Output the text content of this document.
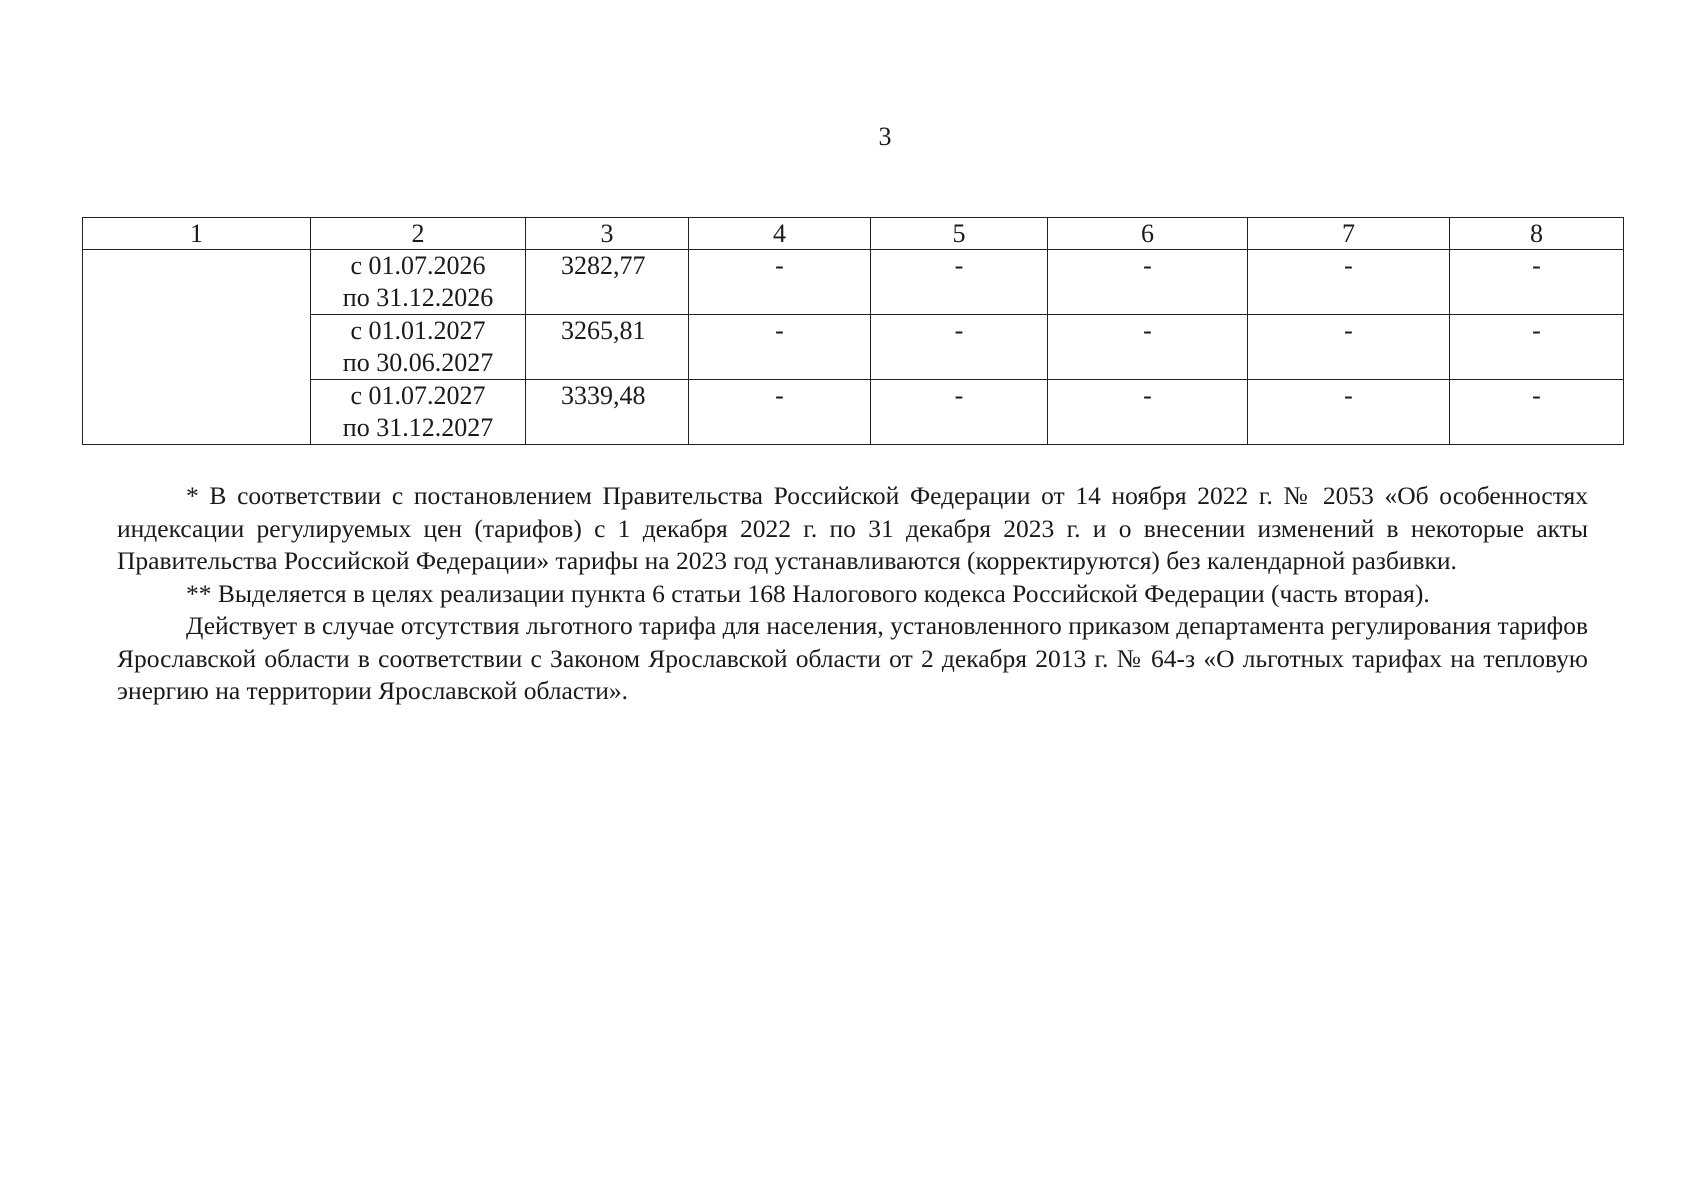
3
1	2	3	4	5	6	7	8

	с 01.07.2026
по 31.12.2026	3282,77	-	-	-	-	-

	с 01.01.2027
по 30.06.2027	3265,81	-	-	-	-	-

	с 01.07.2027
по 31.12.2027	3339,48	-	-	-	-	-

* В соответствии с постановлением Правительства Российской Федерации от 14 ноября 2022 г. № 2053 «Об особенностях индексации регулируемых цен (тарифов) с 1 декабря 2022 г. по 31 декабря 2023 г. и о внесении изменений в некоторые акты Правительства Российской Федерации» тарифы на 2023 год устанавливаются (корректируются) без календарной разбивки.

** Выделяется в целях реализации пункта 6 статьи 168 Налогового кодекса Российской Федерации (часть вторая).

Действует в случае отсутствия льготного тарифа для населения, установленного приказом департамента регулирования тарифов Ярославской области в соответствии с Законом Ярославской области от 2 декабря 2013 г. № 64-з «О льготных тарифах на тепловую энергию на территории Ярославской области».
